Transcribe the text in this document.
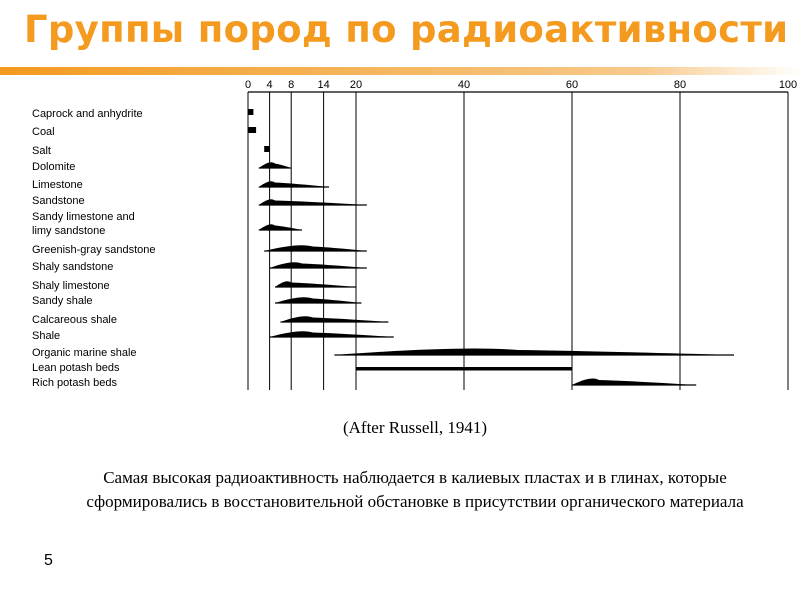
Группы пород по радиоактивности
0 4 8 14 20	40	60	80	100
Caprock and anhydrite
Coal
Salt
Dolomite
Limestone
Sandstone
Sandy limestone and limy sandstone
Greenish-gray sandstone
Shaly sandstone
Shaly limestone
Sandy shale
Calcareous shale
Shale
Organic marine shale
Lean potash beds
Rich potash beds
(After Russell, 1941)

Самая высокая радиоактивность наблюдается в калиевых пластах и в глинах, которые сформировались в восстановительной обстановке в присутствии органического материала

5
